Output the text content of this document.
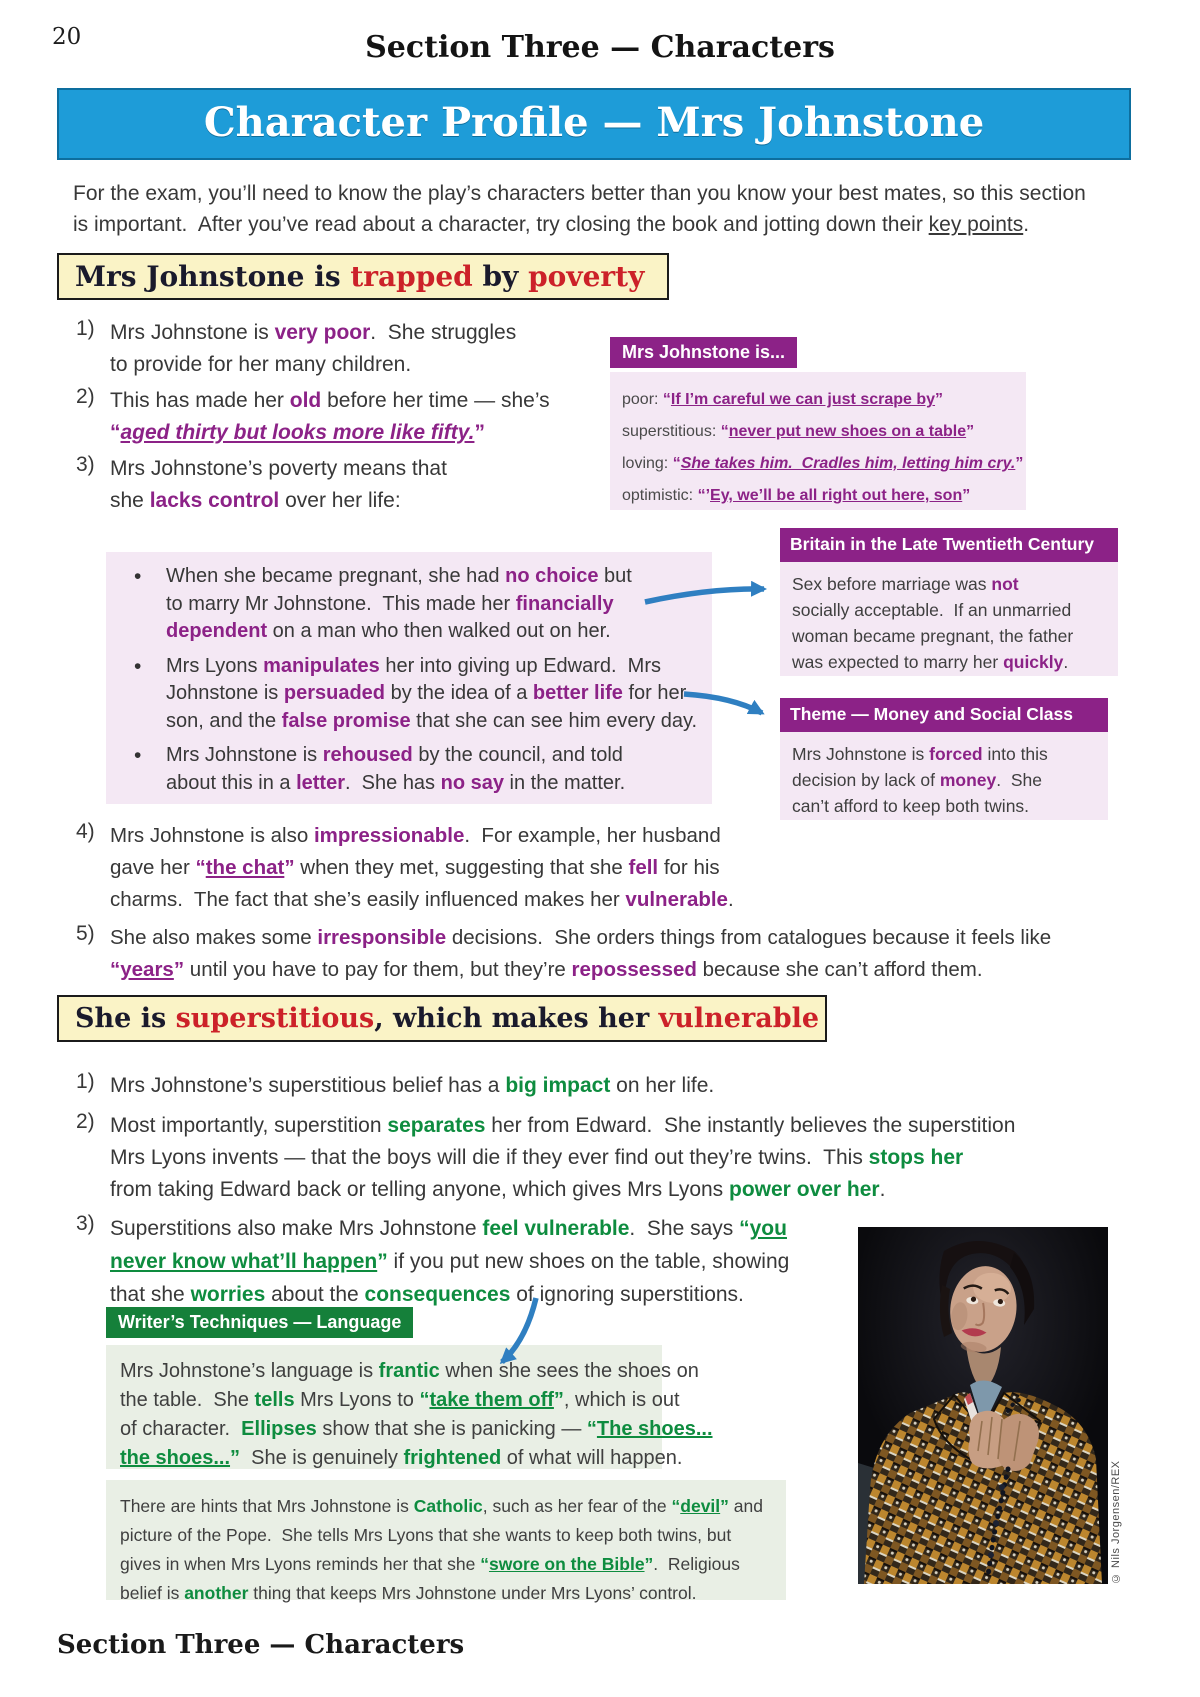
20	Section Three — Characters
Character Profile — Mrs Johnstone
For the exam, you’ll need to know the play’s characters better than you know your best mates, so this section
is important.  After you’ve read about a character, try closing the book and jotting down their key points.
Mrs Johnstone is trapped by poverty
1) Mrs Johnstone is very poor.  She struggles
to provide for her many children.
2) This has made her old before her time — she’s
“aged thirty but looks more like fifty.”
3) Mrs Johnstone’s poverty means that
she lacks control over her life:
Mrs Johnstone is...
poor: “If I’m careful we can just scrape by”
superstitious: “never put new shoes on a table”
loving: “She takes him.  Cradles him, letting him cry.”
optimistic: “’Ey, we’ll be all right out here, son”
•	When she became pregnant, she had no choice but
to marry Mr Johnstone.  This made her financially
dependent on a man who then walked out on her.
•	Mrs Lyons manipulates her into giving up Edward.  Mrs
Johnstone is persuaded by the idea of a better life for her
son, and the false promise that she can see him every day.
•	Mrs Johnstone is rehoused by the council, and told
about this in a letter.  She has no say in the matter.
Britain in the Late Twentieth Century
Sex before marriage was not
socially acceptable.  If an unmarried
woman became pregnant, the father
was expected to marry her quickly.
Theme — Money and Social Class
Mrs Johnstone is forced into this
decision by lack of money.  She
can’t afford to keep both twins.
4) Mrs Johnstone is also impressionable.  For example, her husband
gave her “the chat” when they met, suggesting that she fell for his
charms.  The fact that she’s easily influenced makes her vulnerable.
5) She also makes some irresponsible decisions.  She orders things from catalogues because it feels like
“years” until you have to pay for them, but they’re repossessed because she can’t afford them.
She is superstitious, which makes her vulnerable
1) Mrs Johnstone’s superstitious belief has a big impact on her life.
2) Most importantly, superstition separates her from Edward.  She instantly believes the superstition
Mrs Lyons invents — that the boys will die if they ever find out they’re twins.  This stops her
from taking Edward back or telling anyone, which gives Mrs Lyons power over her.
3) Superstitions also make Mrs Johnstone feel vulnerable.  She says “you
never know what’ll happen” if you put new shoes on the table, showing
that she worries about the consequences of ignoring superstitions.
Writer’s Techniques — Language
Mrs Johnstone’s language is frantic when she sees the shoes on
the table.  She tells Mrs Lyons to “take them off”, which is out
of character.  Ellipses show that she is panicking — “The shoes...
the shoes...”  She is genuinely frightened of what will happen.
There are hints that Mrs Johnstone is Catholic, such as her fear of the “devil” and
picture of the Pope.  She tells Mrs Lyons that she wants to keep both twins, but
gives in when Mrs Lyons reminds her that she “swore on the Bible”.  Religious
belief is another thing that keeps Mrs Johnstone under Mrs Lyons’ control.
© Nils Jorgensen/REX
Section Three — Characters
